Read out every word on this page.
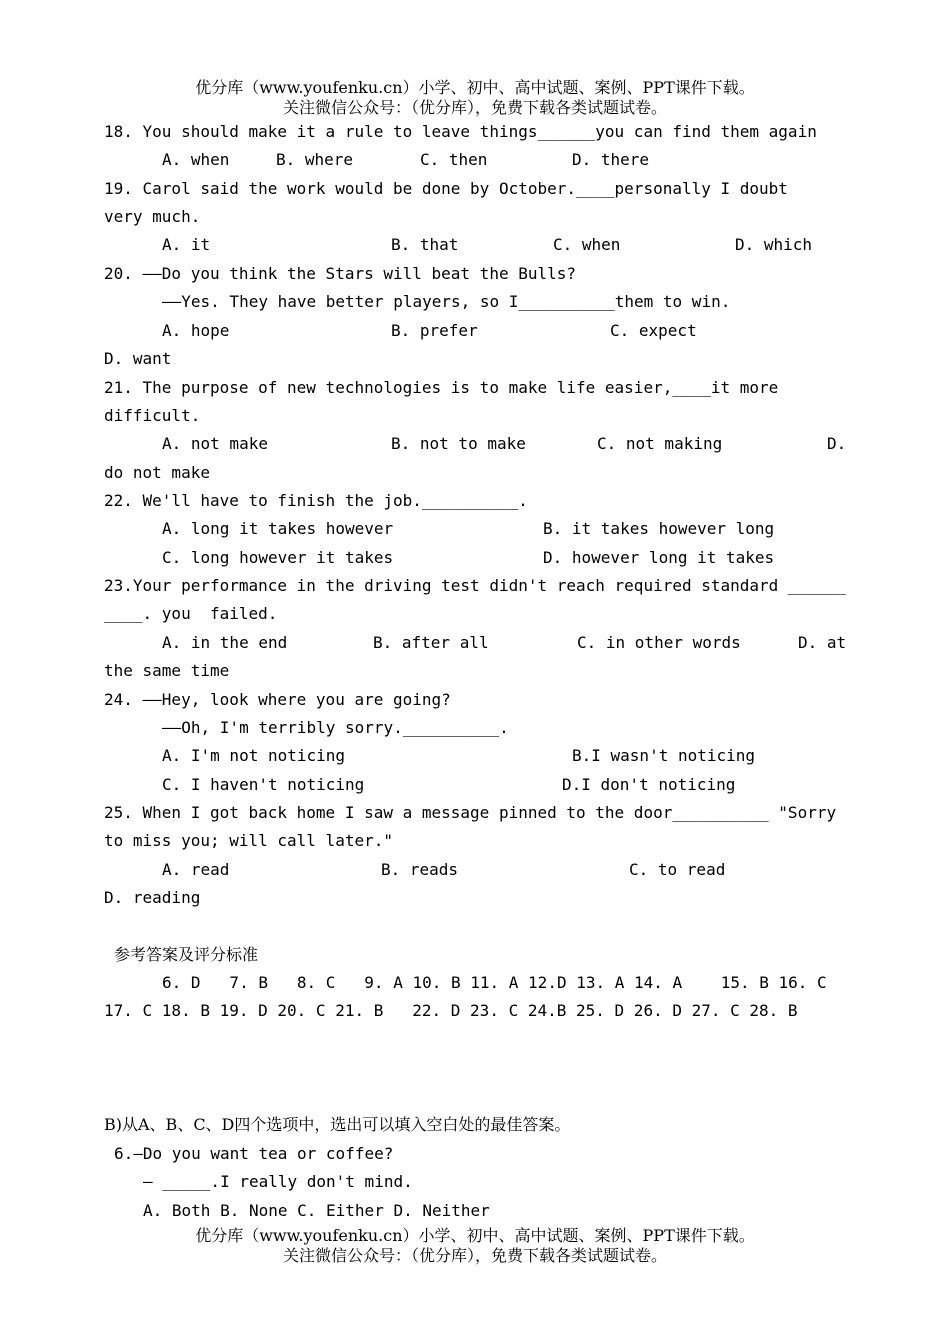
优分库（www.youfenku.cn）小学、初中、高中试题、案例、PPT课件下载。
关注微信公众号：（优分库），免费下载各类试题试卷。
18. You should make it a rule to leave things______you can find them again
A. when	B. where	C. then	D. there
19. Carol said the work would be done by October.____personally I doubt
very much.
A. it	B. that	C. when	D. which
20. ——Do you think the Stars will beat the Bulls?
——Yes. They have better players, so I__________them to win.
A. hope	B. prefer	C. expect
D. want
21. The purpose of new technologies is to make life easier,____it more
difficult.
A. not make	B. not to make	C. not making	D.
do not make
22. We'll have to finish the job.__________.
A. long it takes however	B. it takes however long
C. long however it takes	D. however long it takes
23.Your performance in the driving test didn't reach required standard ______
____. you  failed.
A. in the end	B. after all	C. in other words	D. at
the same time
24. ——Hey, look where you are going?
——Oh, I'm terribly sorry.__________.
A. I'm not noticing	B.I wasn't noticing
C. I haven't noticing	D.I don't noticing
25. When I got back home I saw a message pinned to the door__________ "Sorry
to miss you; will call later."
A. read	B. reads	C. to read
D. reading
参考答案及评分标准
6. D   7. B   8. C   9. A 10. B 11. A 12.D 13. A 14. A    15. B 16. C
17. C 18. B 19. D 20. C 21. B   22. D 23. C 24.B 25. D 26. D 27. C 28. B
B)从A、B、C、D四个选项中，选出可以填入空白处的最佳答案。
6.—Do you want tea or coffee?
— _____.I really don't mind.
A. Both B. None C. Either D. Neither
优分库（www.youfenku.cn）小学、初中、高中试题、案例、PPT课件下载。
关注微信公众号：（优分库），免费下载各类试题试卷。
